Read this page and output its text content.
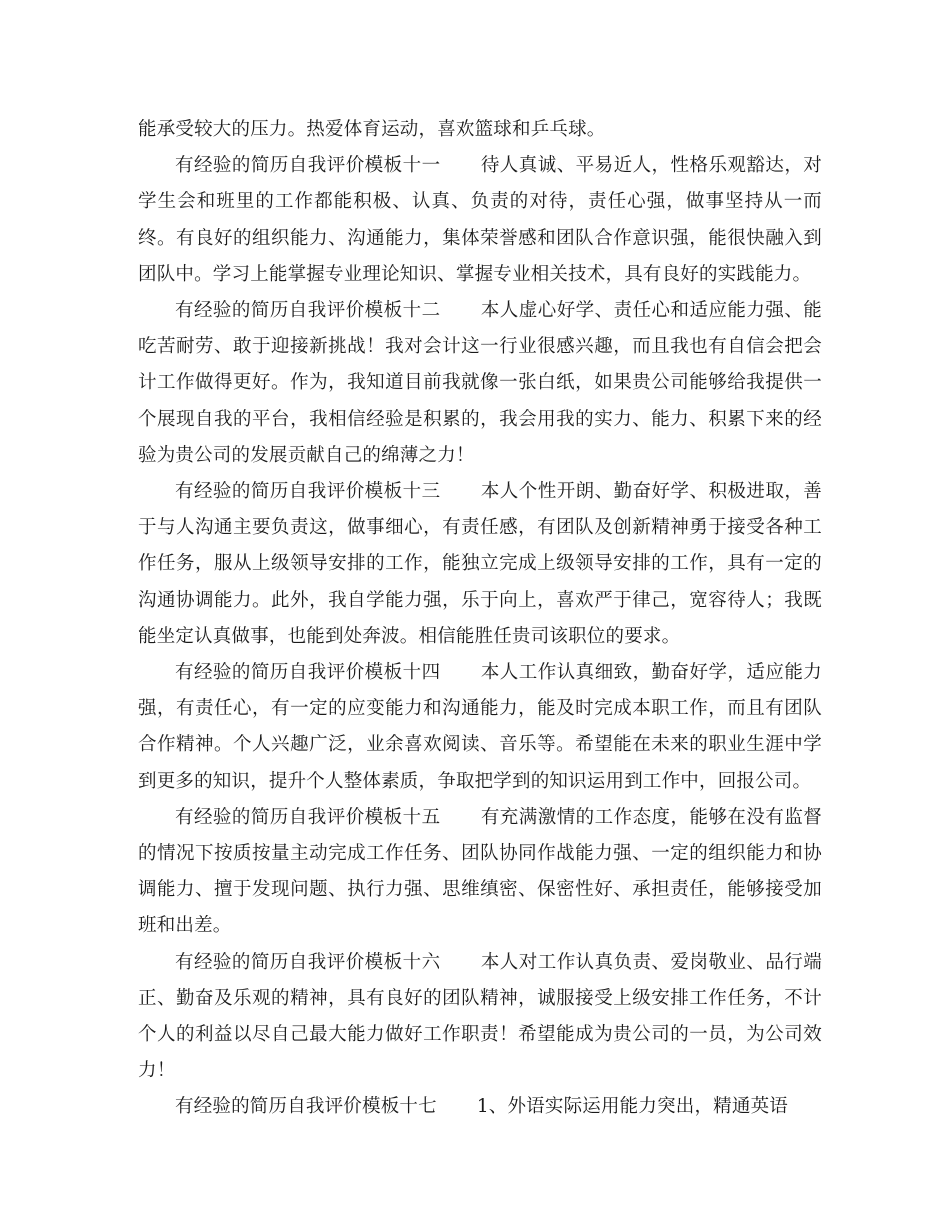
能承受较大的压力。热爱体育运动，喜欢篮球和乒乓球。

有经验的简历自我评价模板十一 待人真诚、平易近人，性格乐观豁达，对学生会和班里的工作都能积极、认真、负责的对待，责任心强，做事坚持从一而终。有良好的组织能力、沟通能力，集体荣誉感和团队合作意识强，能很快融入到团队中。学习上能掌握专业理论知识、掌握专业相关技术，具有良好的实践能力。

有经验的简历自我评价模板十二 本人虚心好学、责任心和适应能力强、能吃苦耐劳、敢于迎接新挑战！我对会计这一行业很感兴趣，而且我也有自信会把会计工作做得更好。作为，我知道目前我就像一张白纸，如果贵公司能够给我提供一个展现自我的平台，我相信经验是积累的，我会用我的实力、能力、积累下来的经验为贵公司的发展贡献自己的绵薄之力！

有经验的简历自我评价模板十三 本人个性开朗、勤奋好学、积极进取，善于与人沟通主要负责这，做事细心，有责任感，有团队及创新精神勇于接受各种工作任务，服从上级领导安排的工作，能独立完成上级领导安排的工作，具有一定的沟通协调能力。此外，我自学能力强，乐于向上，喜欢严于律己，宽容待人；我既能坐定认真做事，也能到处奔波。相信能胜任贵司该职位的要求。

有经验的简历自我评价模板十四 本人工作认真细致，勤奋好学，适应能力强，有责任心，有一定的应变能力和沟通能力，能及时完成本职工作，而且有团队合作精神。个人兴趣广泛，业余喜欢阅读、音乐等。希望能在未来的职业生涯中学到更多的知识，提升个人整体素质，争取把学到的知识运用到工作中，回报公司。

有经验的简历自我评价模板十五 有充满激情的工作态度，能够在没有监督的情况下按质按量主动完成工作任务、团队协同作战能力强、一定的组织能力和协调能力、擅于发现问题、执行力强、思维缜密、保密性好、承担责任，能够接受加班和出差。

有经验的简历自我评价模板十六 本人对工作认真负责、爱岗敬业、品行端正、勤奋及乐观的精神，具有良好的团队精神，诚服接受上级安排工作任务，不计个人的利益以尽自己最大能力做好工作职责！希望能成为贵公司的一员，为公司效力！

有经验的简历自我评价模板十七 1、外语实际运用能力突出，精通英语
